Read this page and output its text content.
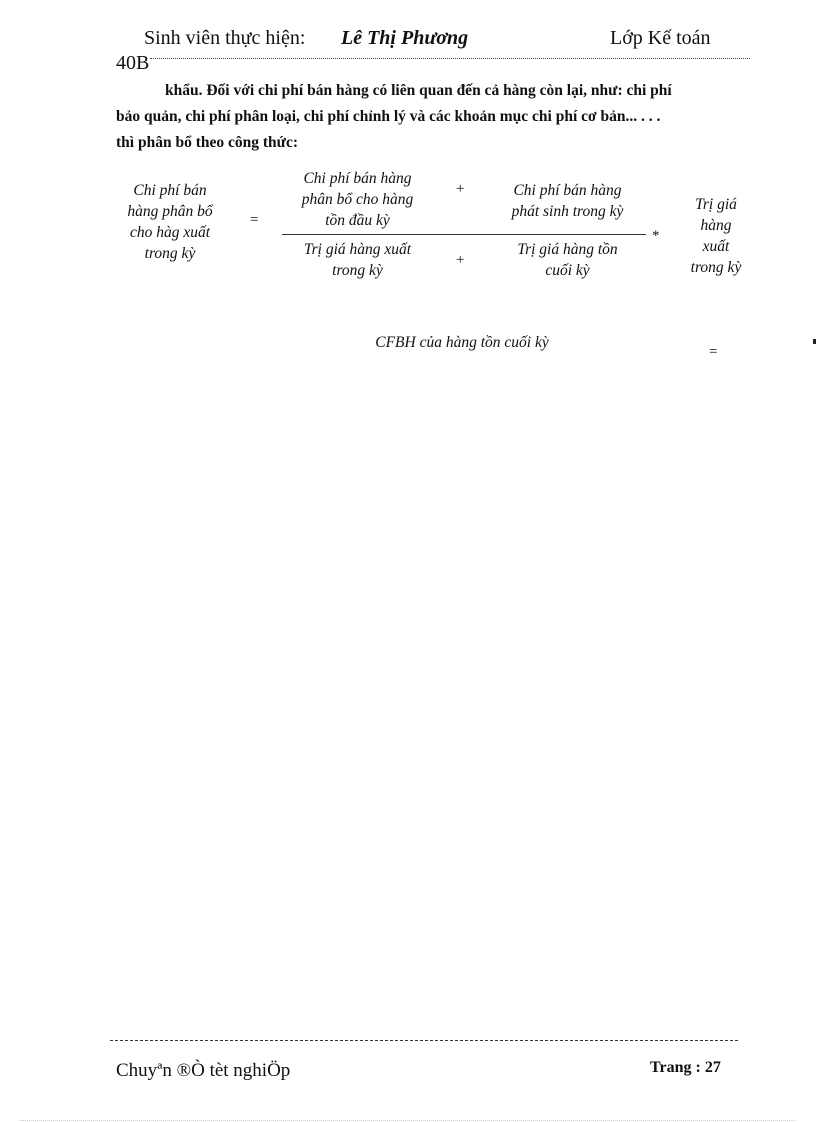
Sinh viên thực hiện: Lê Thị Phương	Lớp Kế toán
40B
khẩu. Đối với chi phí bán hàng có liên quan đến cả hàng còn lại, như: chi phí
bảo quản, chi phí phân loại, chi phí chỉnh lý và các khoản mục chi phí cơ bản... . . .
thì phân bổ theo công thức:
Chi phí bán
hàng phân bổ
cho hàg xuất
trong kỳ
=
Chi phí bán hàng
phân bổ cho hàng
tồn đầu kỳ
+	Chi phí bán hàng
phát sinh trong kỳ
Trị giá hàng xuất
trong kỳ
+
Trị giá hàng tồn
cuối kỳ
*
Trị giá
hàng
xuất
trong kỳ
CFBH của hàng tồn cuối kỳ
=
Chuyªn ®Ò tèt nghiÖp	Trang : 27
